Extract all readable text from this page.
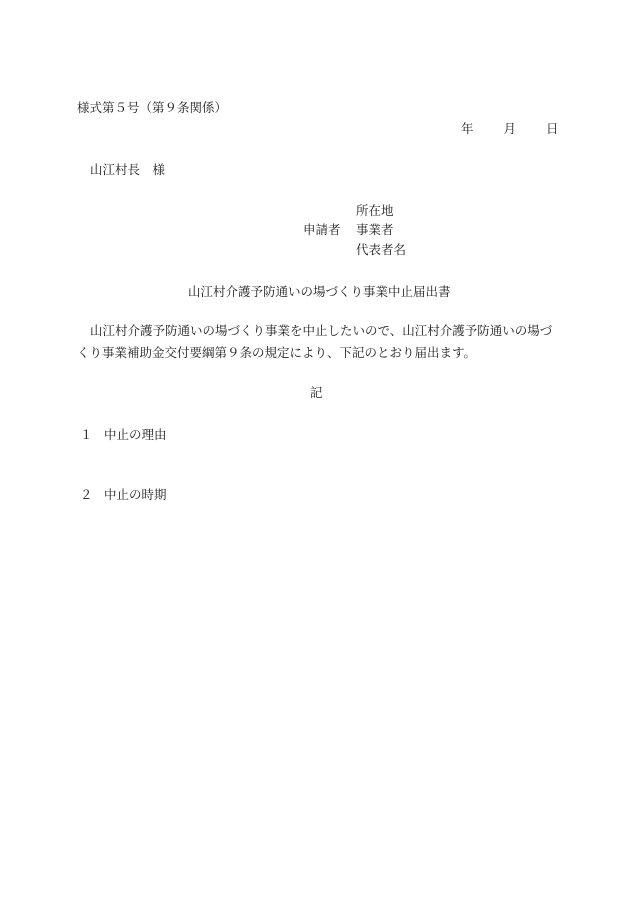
様式第５号（第９条関係）
年 月 日
山江村長　様
所在地
申請者 事業者
代表者名
山江村介護予防通いの場づくり事業中止届出書
山江村介護予防通いの場づくり事業を中止したいので、山江村介護予防通いの場づくり事業補助金交付要綱第９条の規定により、下記のとおり届出ます。
記
１ 中止の理由
２ 中止の時期
